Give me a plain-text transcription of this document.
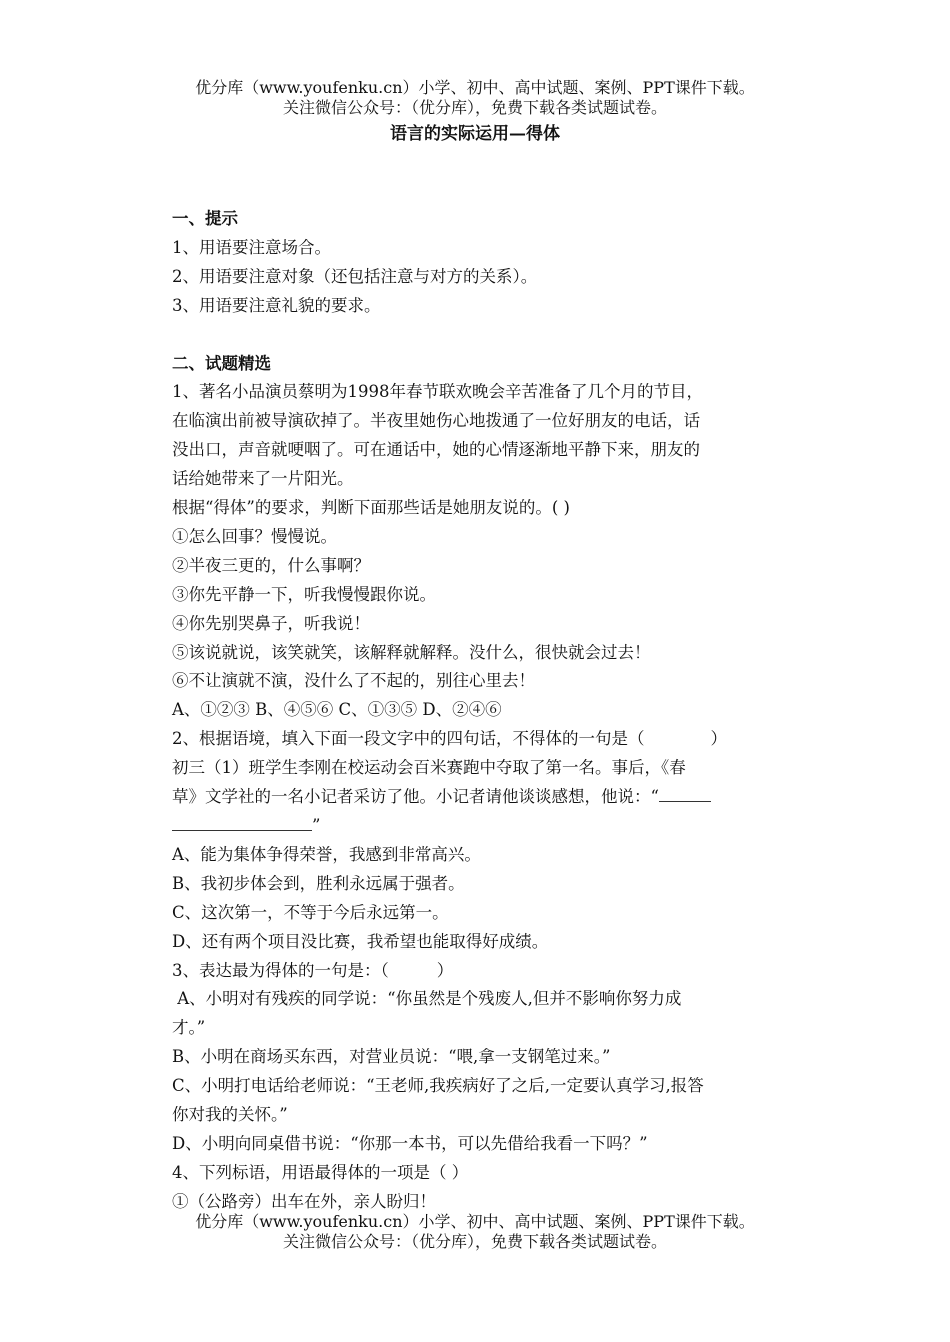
优分库（www.youfenku.cn）小学、初中、高中试题、案例、PPT课件下载。
关注微信公众号：（优分库），免费下载各类试题试卷。
语言的实际运用—得体

一、提示

1、用语要注意场合。

2、用语要注意对象（还包括注意与对方的关系）。

3、用语要注意礼貌的要求。

二、试题精选

1、著名小品演员蔡明为1998年春节联欢晚会辛苦准备了几个月的节目，

在临演出前被导演砍掉了。半夜里她伤心地拨通了一位好朋友的电话，话

没出口，声音就哽咽了。可在通话中，她的心情逐渐地平静下来，朋友的

话给她带来了一片阳光。

根据“得体”的要求，判断下面那些话是她朋友说的。( )

①怎么回事？慢慢说。

②半夜三更的，什么事啊？

③你先平静一下，听我慢慢跟你说。

④你先别哭鼻子，听我说！

⑤该说就说，该笑就笑，该解释就解释。没什么，很快就会过去！

⑥不让演就不演，没什么了不起的，别往心里去！

A、①②③ B、④⑤⑥ C、①③⑤ D、②④⑥

2、根据语境，填入下面一段文字中的四句话，不得体的一句是（	）

初三（1）班学生李刚在校运动会百米赛跑中夺取了第一名。事后，《春

草》文学社的一名小记者采访了他。小记者请他谈谈感想，他说：“

”

A、能为集体争得荣誉，我感到非常高兴。

B、我初步体会到，胜利永远属于强者。

C、这次第一，不等于今后永远第一。

D、还有两个项目没比赛，我希望也能取得好成绩。

3、表达最为得体的一句是：（	）

A、小明对有残疾的同学说：“你虽然是个残废人,但并不影响你努力成

才。”

B、小明在商场买东西，对营业员说：“喂,拿一支钢笔过来。”

C、小明打电话给老师说：“王老师,我疾病好了之后,一定要认真学习,报答

你对我的关怀。”

D、小明向同桌借书说：“你那一本书，可以先借给我看一下吗？”

4、下列标语，用语最得体的一项是（ ）

①（公路旁）出车在外，亲人盼归！

优分库（www.youfenku.cn）小学、初中、高中试题、案例、PPT课件下载。
关注微信公众号：（优分库），免费下载各类试题试卷。
